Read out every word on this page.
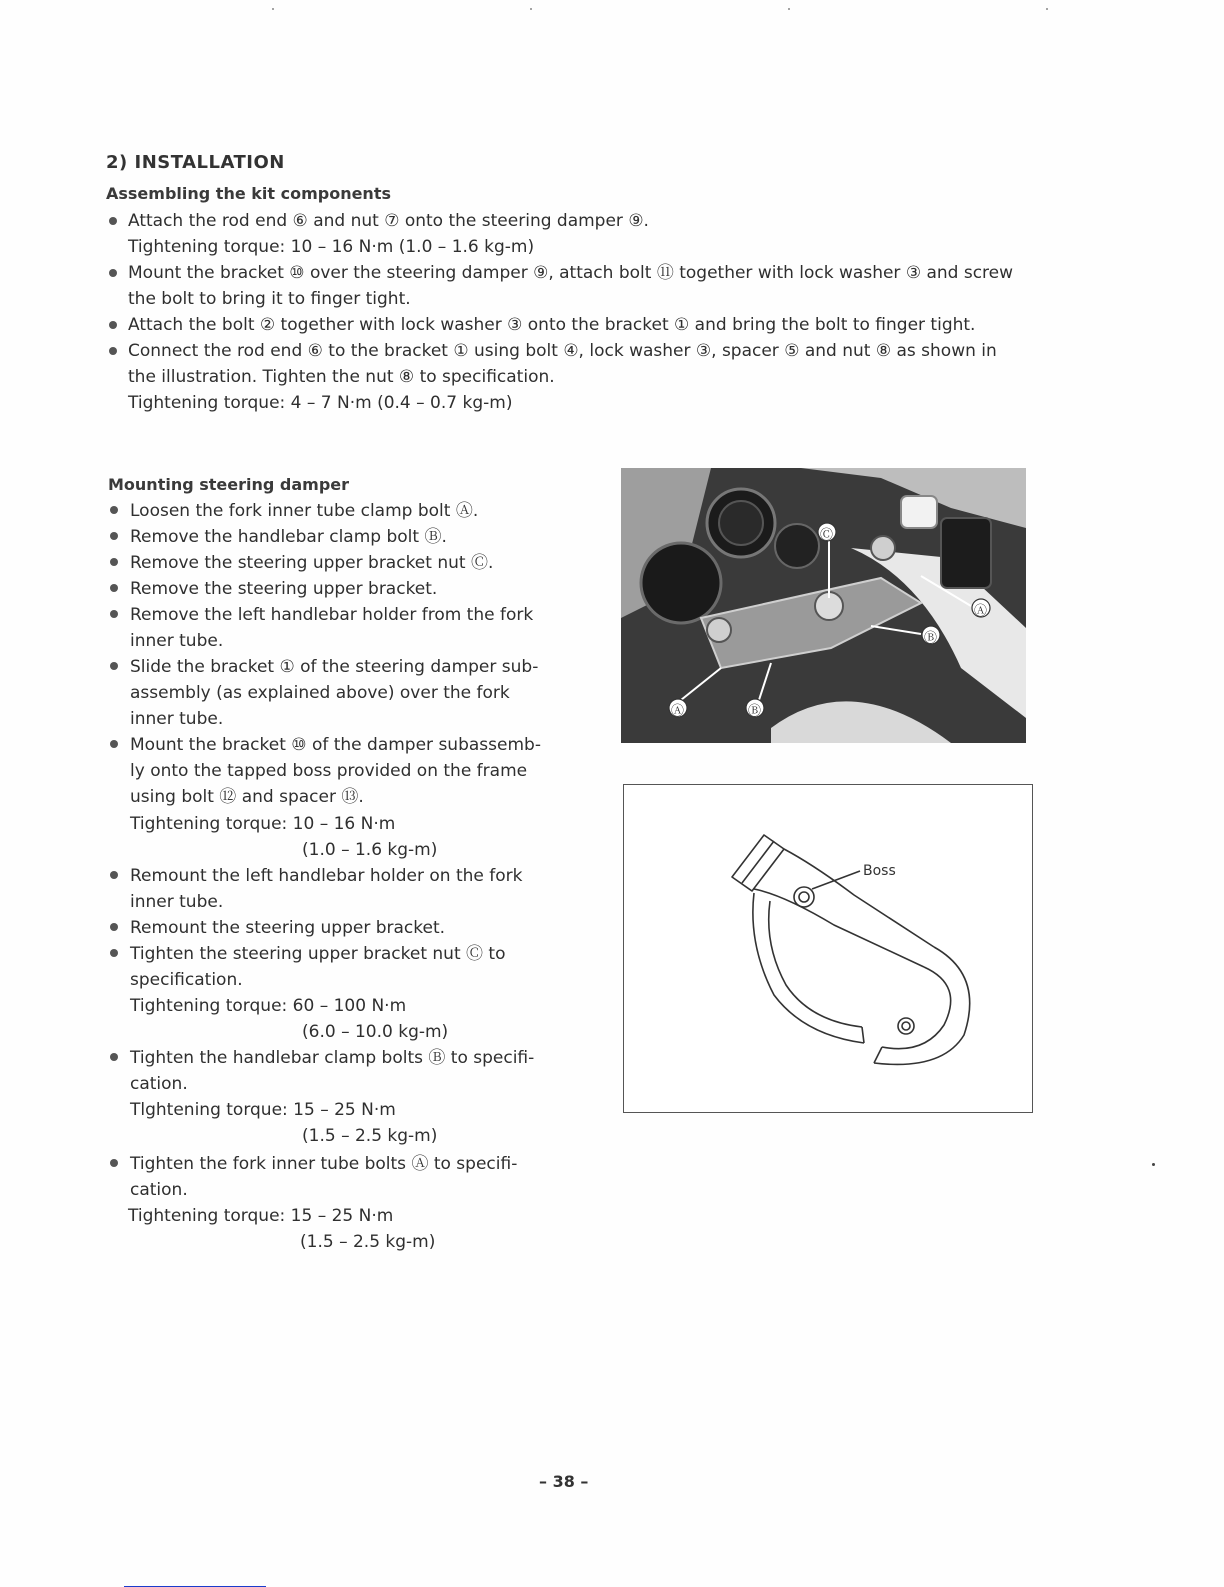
2) INSTALLATION
Assembling the kit components
Attach the rod end ⑥ and nut ⑦ onto the steering damper ⑨.
Tightening torque: 10 – 16 N·m (1.0 – 1.6 kg-m)
Mount the bracket ⑩ over the steering damper ⑨, attach bolt ⑪ together with lock washer ③ and screw
the bolt to bring it to finger tight.
Attach the bolt ② together with lock washer ③ onto the bracket ① and bring the bolt to finger tight.
Connect the rod end ⑥ to the bracket ① using bolt ④, lock washer ③, spacer ⑤ and nut ⑧ as shown in
the illustration. Tighten the nut ⑧ to specification.
Tightening torque: 4 – 7 N·m (0.4 – 0.7 kg-m)
Mounting steering damper
Loosen the fork inner tube clamp bolt Ⓐ.
Remove the handlebar clamp bolt Ⓑ.
Remove the steering upper bracket nut Ⓒ.
Remove the steering upper bracket.
Remove the left handlebar holder from the fork
inner tube.
Slide the bracket ① of the steering damper sub-
assembly (as explained above) over the fork
inner tube.
Mount the bracket ⑩ of the damper subassemb-
ly onto the tapped boss provided on the frame
using bolt ⑫ and spacer ⑬.
Tightening torque: 10 – 16 N·m
(1.0 – 1.6 kg-m)
Remount the left handlebar holder on the fork
inner tube.
Remount the steering upper bracket.
Tighten the steering upper bracket nut Ⓒ to
specification.
Tightening torque: 60 – 100 N·m
(6.0 – 10.0 kg-m)
Tighten the handlebar clamp bolts Ⓑ to specifi-
cation.
Tlghtening torque: 15 – 25 N·m
(1.5 – 2.5 kg-m)
Tighten the fork inner tube bolts Ⓐ to specifi-
cation.
Tightening torque: 15 – 25 N·m
(1.5 – 2.5 kg-m)
Ⓒ
Ⓐ
Ⓑ
Ⓐ	Ⓑ
Boss
– 38 –
